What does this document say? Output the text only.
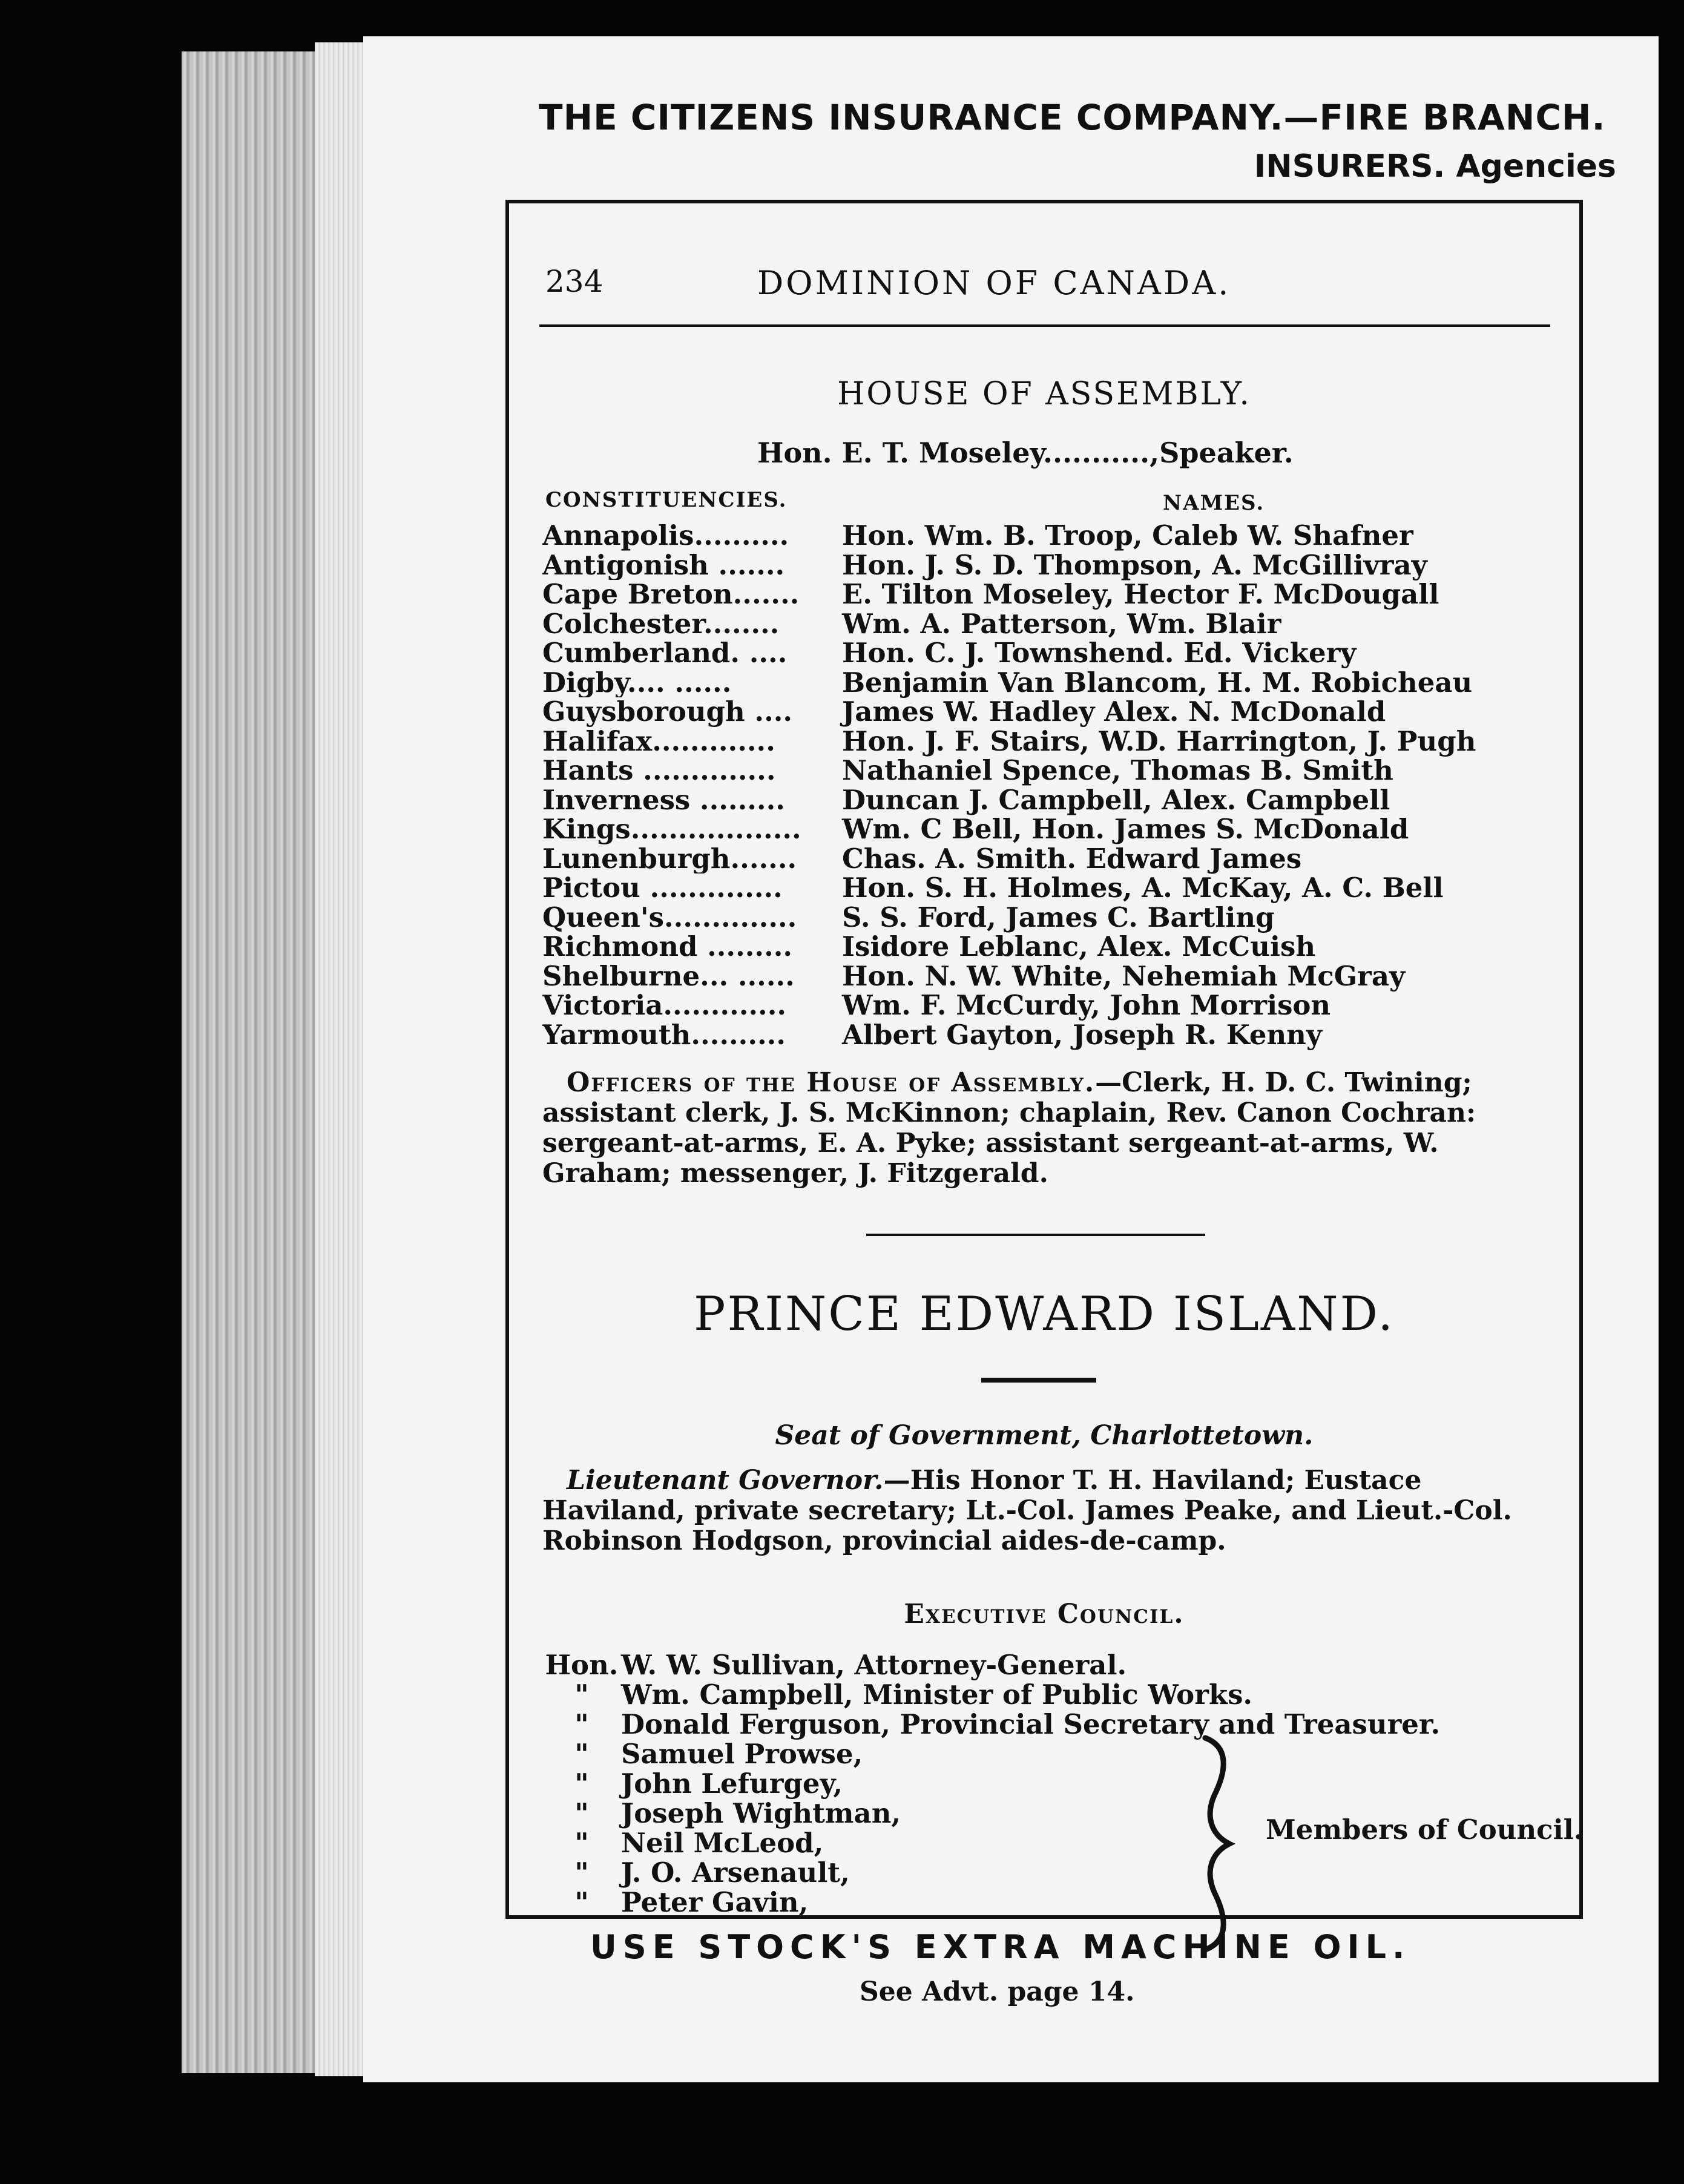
THE CITIZENS INSURANCE COMPANY.—FIRE BRANCH.
INSURERS. Agencies
234	DOMINION OF CANADA.
HOUSE OF ASSEMBLY.
Hon. E. T. Moseley...........,Speaker.
CONSTITUENCIES.	NAMES.
Annapolis..........	Hon. Wm. B. Troop, Caleb W. Shafner
Antigonish .......	Hon. J. S. D. Thompson, A. McGillivray
Cape Breton.......	E. Tilton Moseley, Hector F. McDougall
Colchester........	Wm. A. Patterson, Wm. Blair
Cumberland. ....	Hon. C. J. Townshend. Ed. Vickery
Digby.... ......	Benjamin Van Blancom, H. M. Robicheau
Guysborough ....	James W. Hadley Alex. N. McDonald
Halifax.............	Hon. J. F. Stairs, W.D. Harrington, J. Pugh
Hants ..............	Nathaniel Spence, Thomas B. Smith
Inverness .........	Duncan J. Campbell, Alex. Campbell
Kings..................	Wm. C Bell, Hon. James S. McDonald
Lunenburgh.......	Chas. A. Smith. Edward James
Pictou ..............	Hon. S. H. Holmes, A. McKay, A. C. Bell
Queen's..............	S. S. Ford, James C. Bartling
Richmond .........	Isidore Leblanc, Alex. McCuish
Shelburne... ......	Hon. N. W. White, Nehemiah McGray
Victoria.............	Wm. F. McCurdy, John Morrison
Yarmouth..........	Albert Gayton, Joseph R. Kenny
Officers of the House of Assembly.—Clerk, H. D. C. Twining; assistant clerk, J. S. McKinnon; chaplain, Rev. Canon Cochran: sergeant-at-arms, E. A. Pyke; assistant sergeant-at-arms, W. Graham; messenger, J. Fitzgerald.
PRINCE EDWARD ISLAND.
Seat of Government, Charlottetown.
Lieutenant Governor.—His Honor T. H. Haviland; Eustace Haviland, private secretary; Lt.-Col. James Peake, and Lieut.-Col. Robinson Hodgson, provincial aides-de-camp.
Executive Council.
Hon. W. W. Sullivan, Attorney-General.
" Wm. Campbell, Minister of Public Works.
" Donald Ferguson, Provincial Secretary and Treasurer.
" Samuel Prowse,
" John Lefurgey,
" Joseph Wightman,
" Neil McLeod,
" J. O. Arsenault,
" Peter Gavin,
Members of Council.
USE STOCK'S EXTRA MACHINE OIL.
See Advt. page 14.
